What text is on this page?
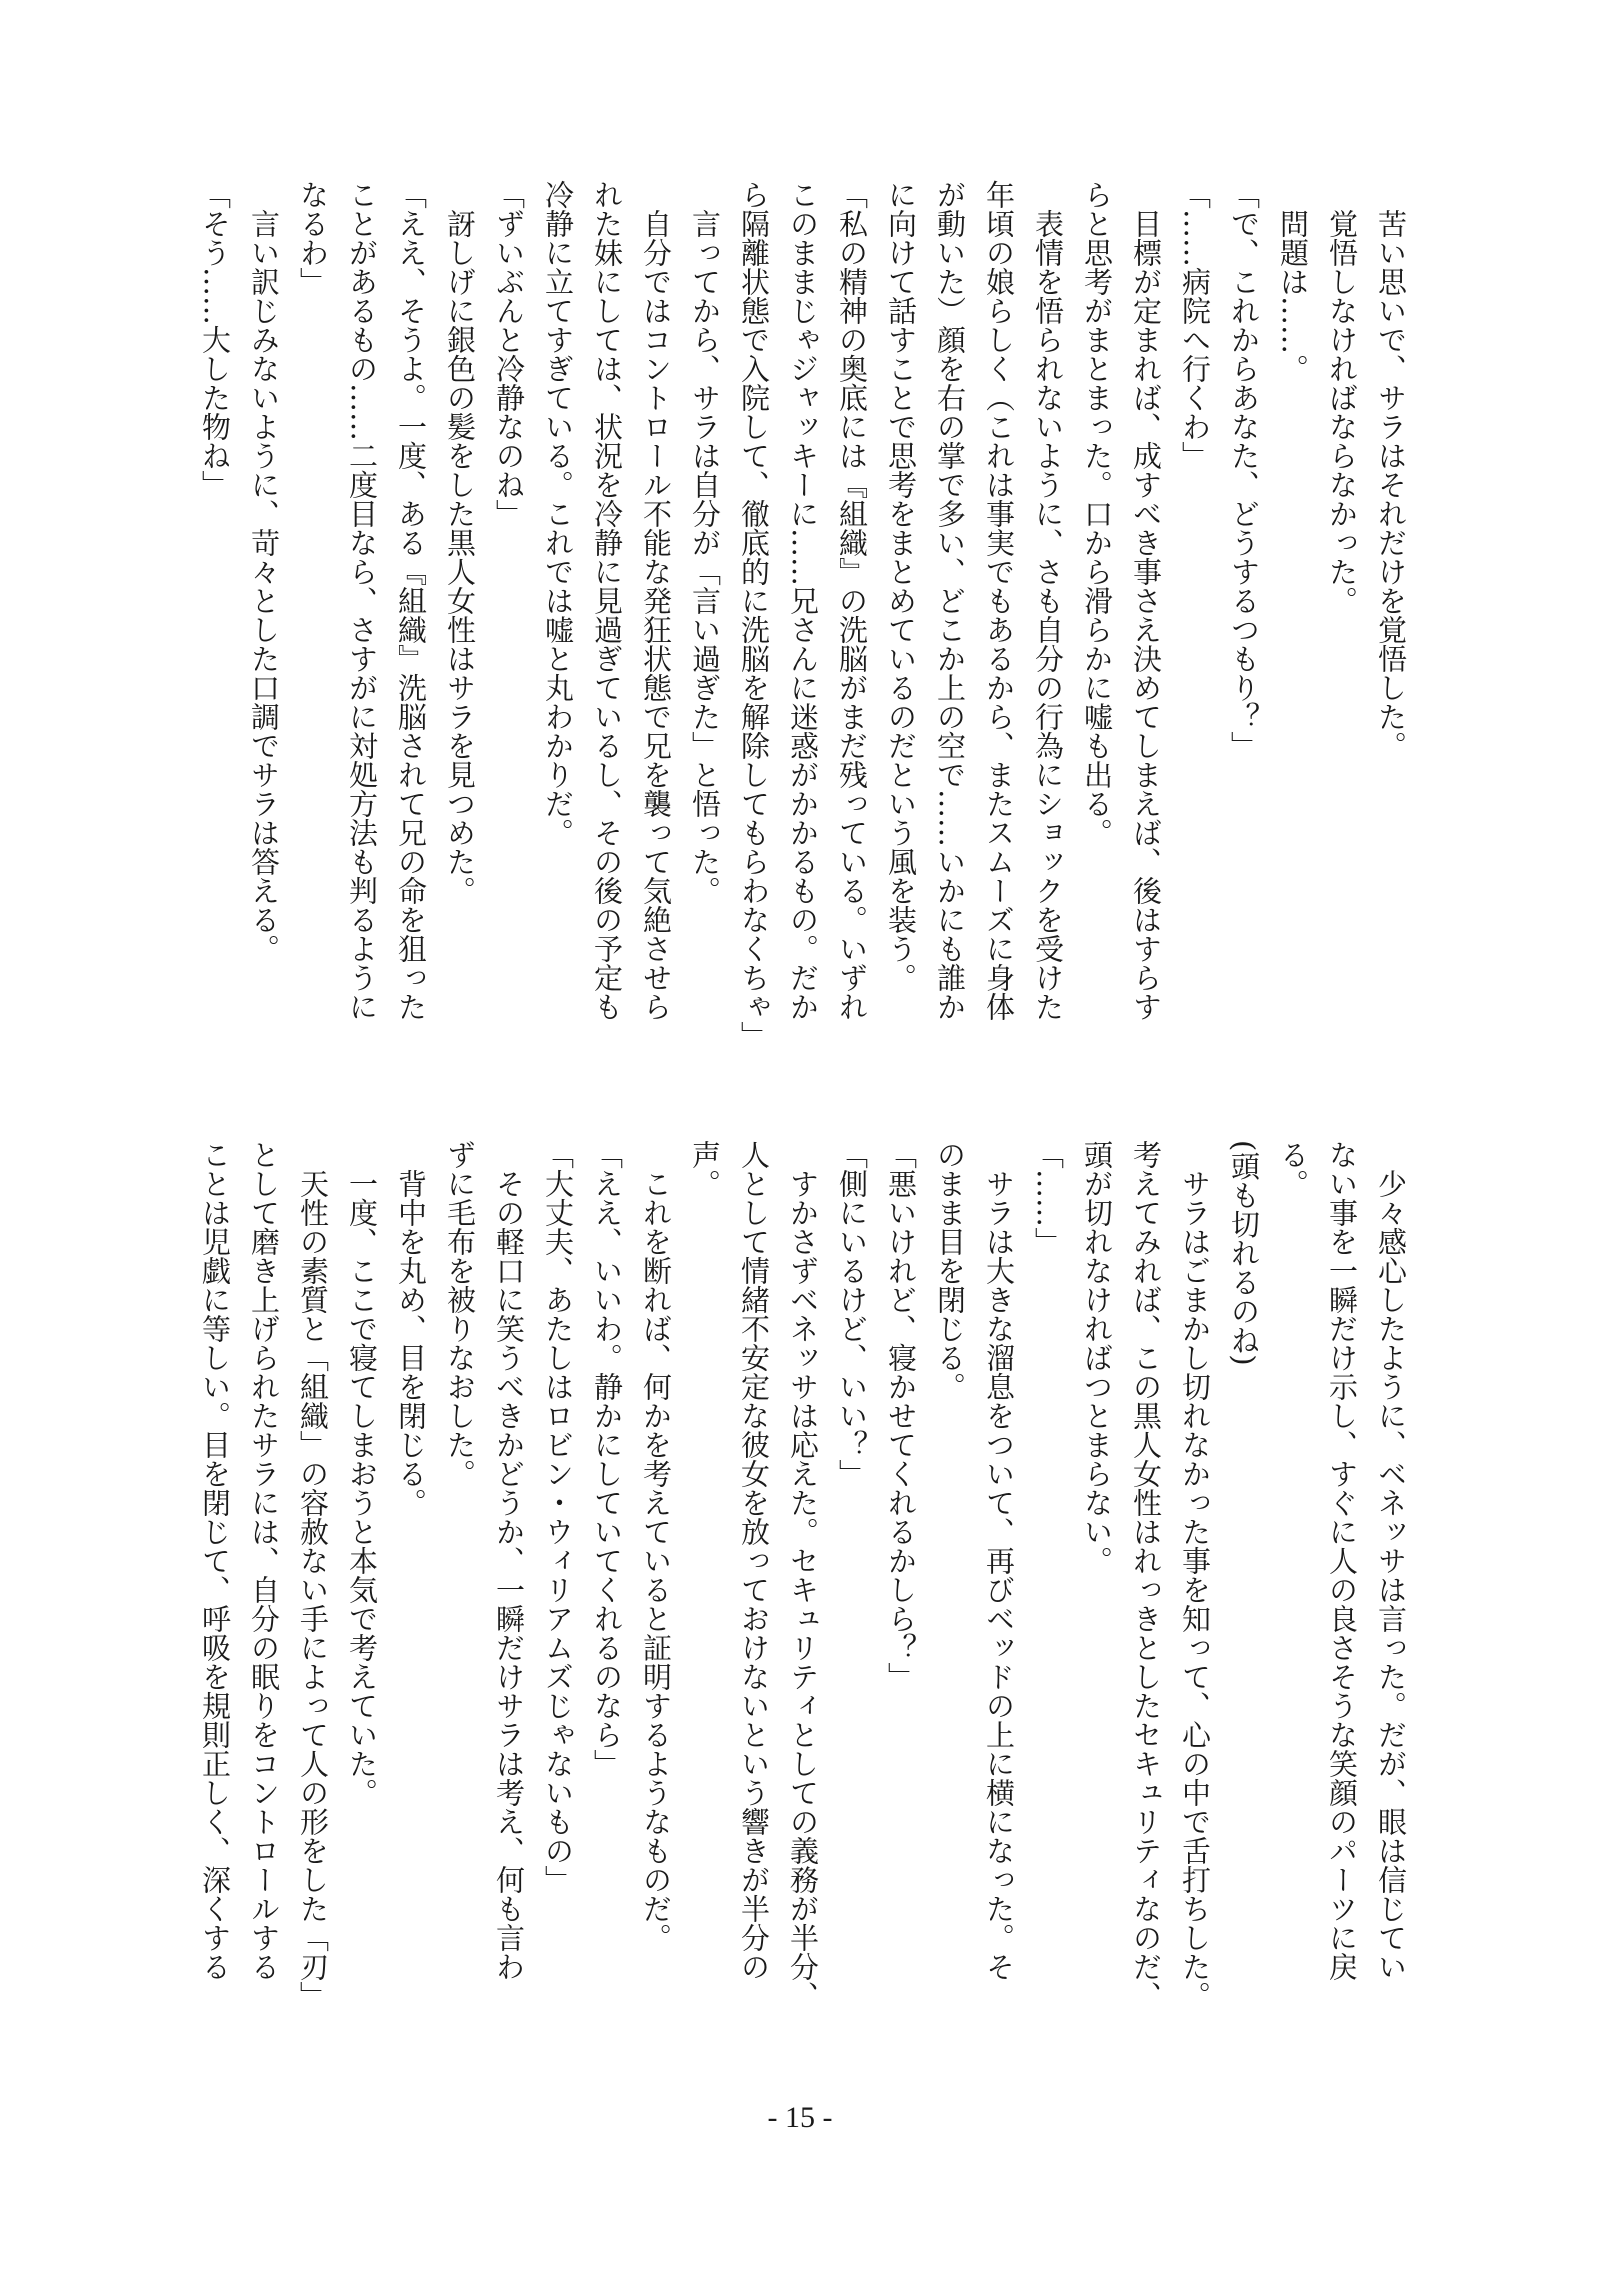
　苦い思いで、サラはそれだけを覚悟した。
　覚悟しなければならなかった。
　問題は……。
「で、これからあなた、どうするつもり？」
「……病院へ行くわ」
　目標が定まれば、成すべき事さえ決めてしまえば、後はすらす
らと思考がまとまった。口から滑らかに嘘も出る。
　表情を悟られないように、さも自分の行為にショックを受けた
年頃の娘らしく（これは事実でもあるから、またスムーズに身体
が動いた）顔を右の掌で多い、どこか上の空で……いかにも誰か
に向けて話すことで思考をまとめているのだという風を装う。
「私の精神の奥底には『組織』の洗脳がまだ残っている。いずれ
このままじゃジャッキーに……兄さんに迷惑がかかるもの。だか
ら隔離状態で入院して、徹底的に洗脳を解除してもらわなくちゃ」
　言ってから、サラは自分が「言い過ぎた」と悟った。
　自分ではコントロール不能な発狂状態で兄を襲って気絶させら
れた妹にしては、状況を冷静に見過ぎているし、その後の予定も
冷静に立てすぎている。これでは嘘と丸わかりだ。
「ずいぶんと冷静なのね」
　訝しげに銀色の髪をした黒人女性はサラを見つめた。
「ええ、そうよ。一度、ある『組織』洗脳されて兄の命を狙った
ことがあるもの……二度目なら、さすがに対処方法も判るように
なるわ」
　言い訳じみないように、苛々とした口調でサラは答える。
「そう……大した物ね」
　少々感心したように、ベネッサは言った。だが、眼は信じてい
ない事を一瞬だけ示し、すぐに人の良さそうな笑顔のパーツに戻
る。
(頭も切れるのね)
　サラはごまかし切れなかった事を知って、心の中で舌打ちした。
考えてみれば、この黒人女性はれっきとしたセキュリティなのだ、
頭が切れなければつとまらない。
「……」
　サラは大きな溜息をついて、再びベッドの上に横になった。そ
のまま目を閉じる。
「悪いけれど、寝かせてくれるかしら？」
「側にいるけど、いい？」
　すかさずベネッサは応えた。セキュリティとしての義務が半分、
人として情緒不安定な彼女を放っておけないという響きが半分の
声。
　これを断れば、何かを考えていると証明するようなものだ。
「ええ、いいわ。静かにしていてくれるのなら」
「大丈夫、あたしはロビン・ウィリアムズじゃないもの」
　その軽口に笑うべきかどうか、一瞬だけサラは考え、何も言わ
ずに毛布を被りなおした。
　背中を丸め、目を閉じる。
　一度、ここで寝てしまおうと本気で考えていた。
　天性の素質と「組織」の容赦ない手によって人の形をした「刃」
として磨き上げられたサラには、自分の眠りをコントロールする
ことは児戯に等しい。目を閉じて、呼吸を規則正しく、深くする
- 15 -
